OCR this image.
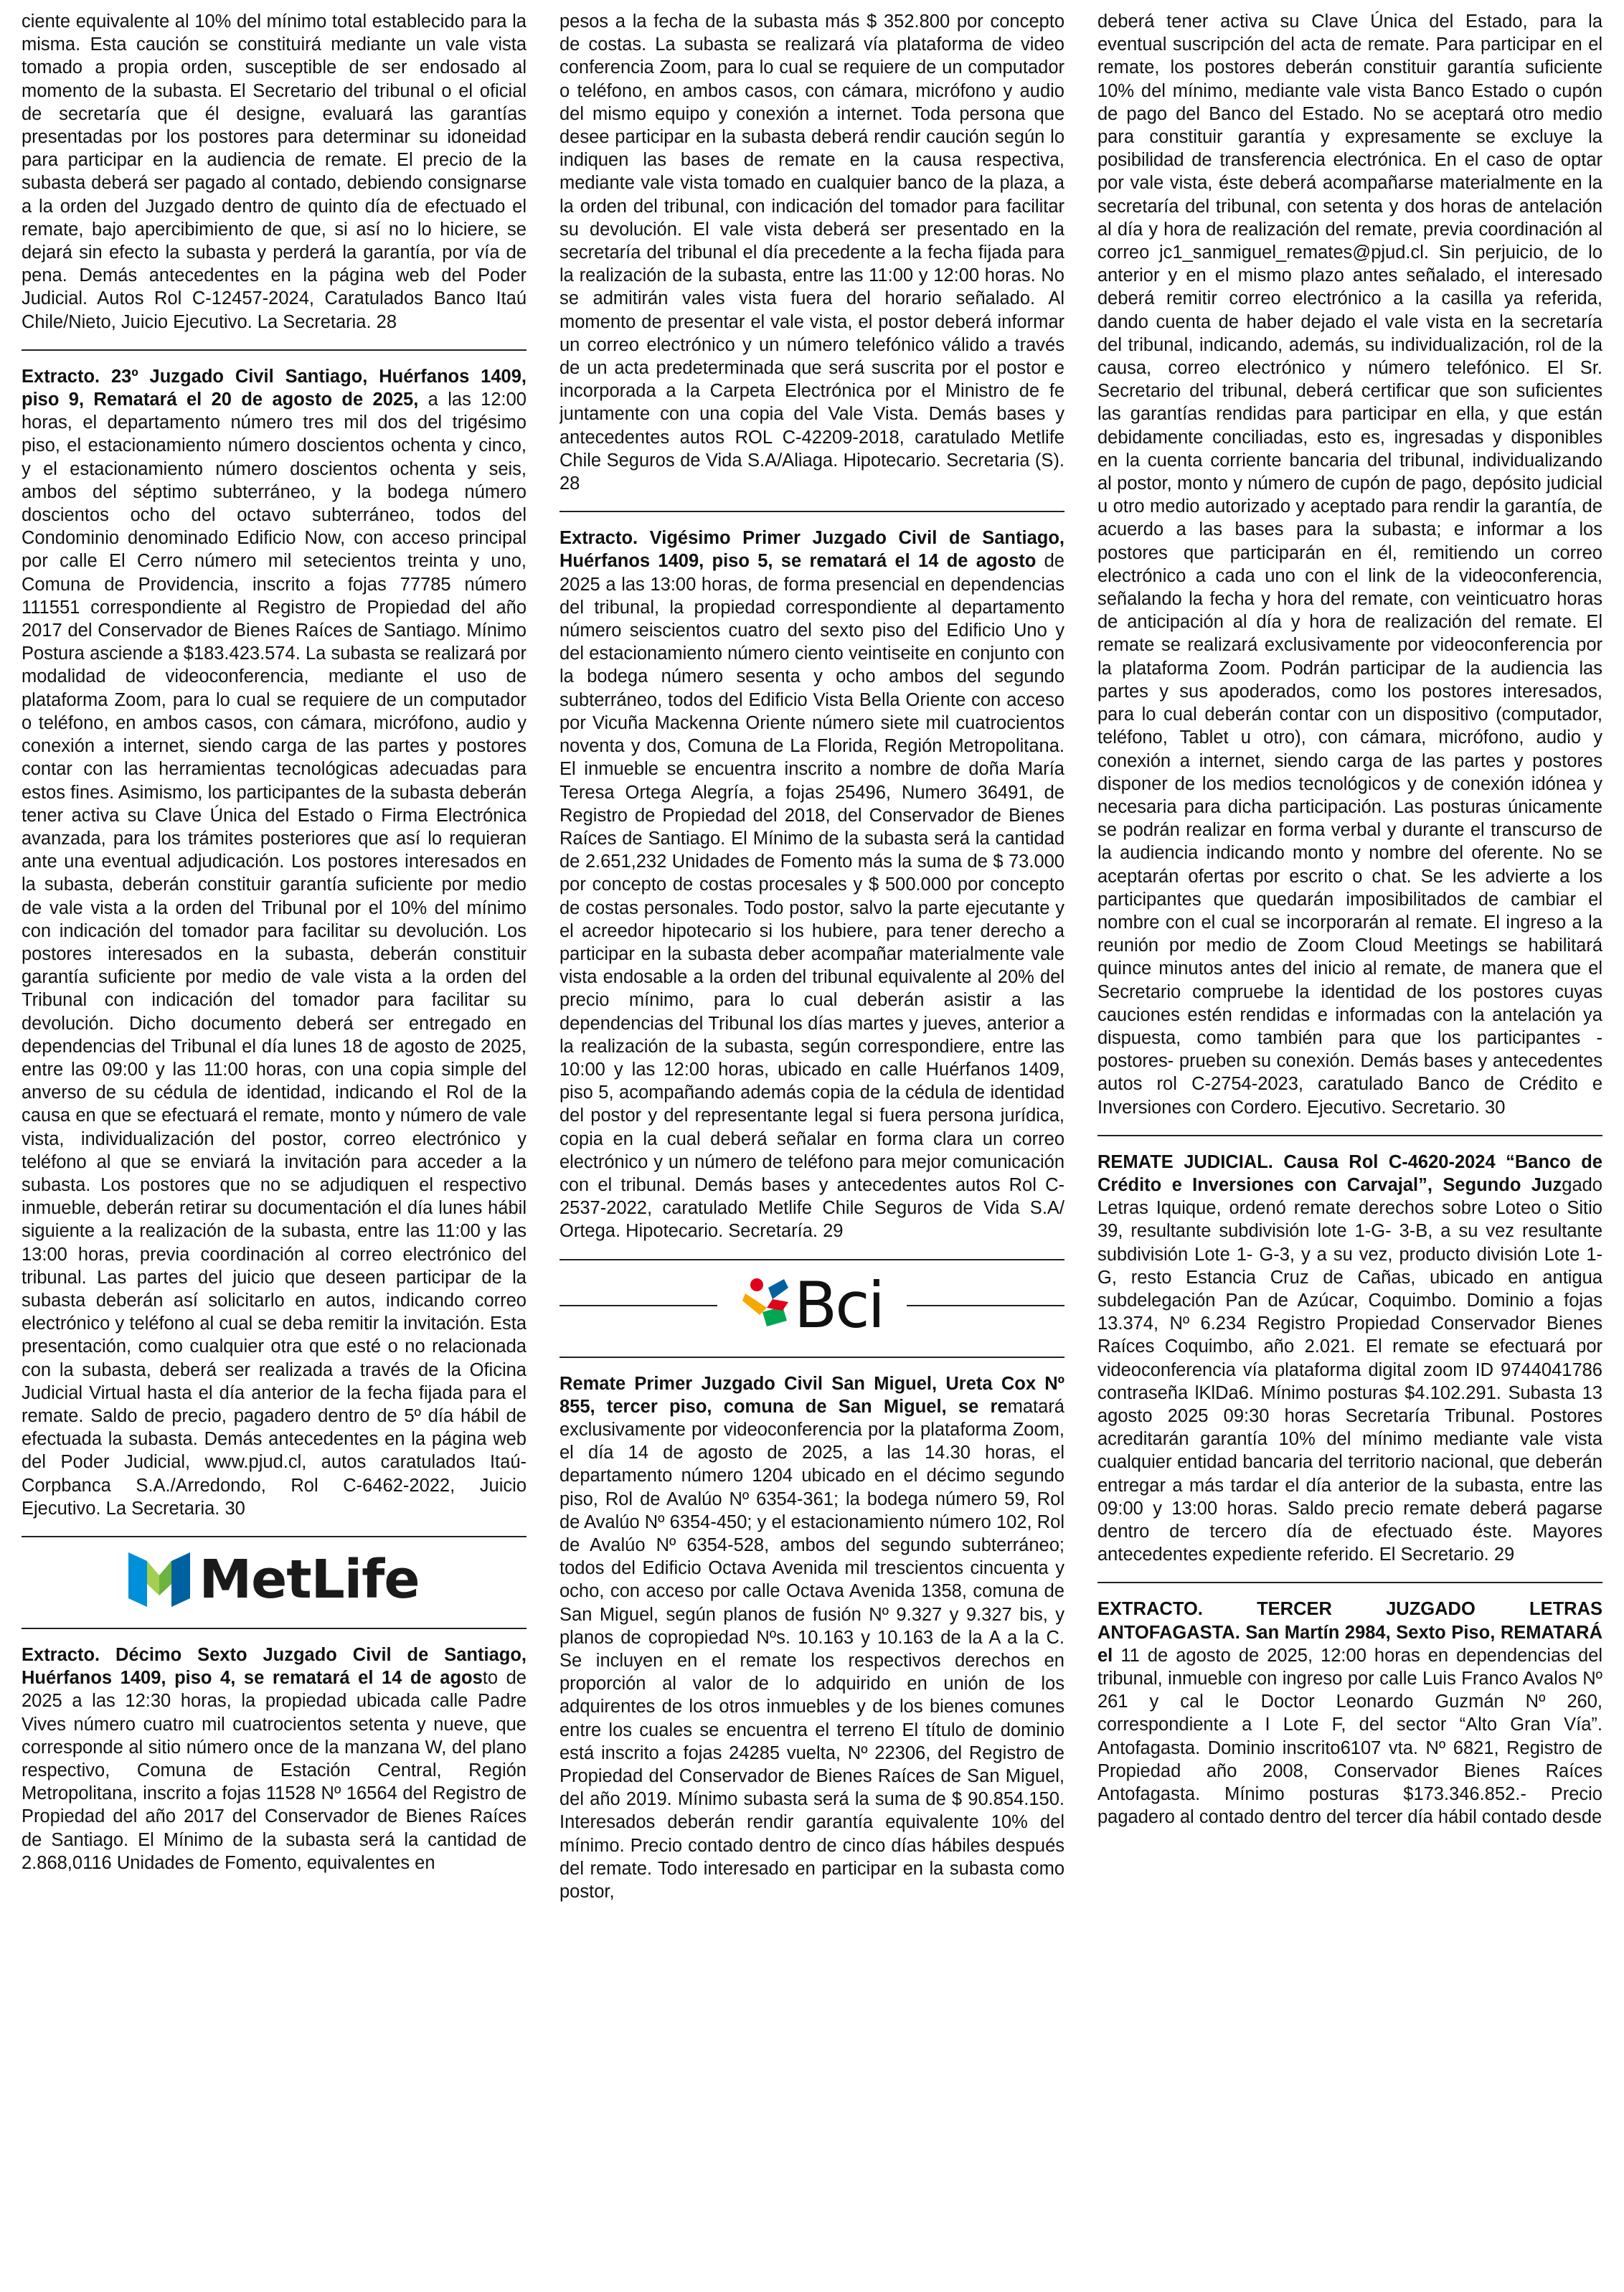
ciente equivalente al 10% del mínimo total establecido para la misma. Esta caución se constituirá mediante un vale vista tomado a propia orden, susceptible de ser endosado al momento de la subasta. El Secretario del tribunal o el oficial de secretaría que él designe, evaluará las garantías presentadas por los postores para determinar su idoneidad para participar en la audiencia de remate. El precio de la subasta deberá ser pagado al contado, debiendo consignarse a la orden del Juzgado dentro de quinto día de efectuado el remate, bajo apercibimiento de que, si así no lo hiciere, se dejará sin efecto la subasta y perderá la garantía, por vía de pena. Demás antecedentes en la página web del Poder Judicial. Autos Rol C-12457-2024, Caratulados Banco Itaú Chile/Nieto, Juicio Ejecutivo. La Secretaria. 28

Extracto. 23º Juzgado Civil Santiago, Huérfanos 1409, piso 9, Rematará el 20 de agosto de 2025, a las 12:00 horas, el departamento número tres mil dos del trigésimo piso, el estacionamiento número doscientos ochenta y cinco, y el estacionamiento número doscientos ochenta y seis, ambos del séptimo subterráneo, y la bodega número doscientos ocho del octavo subterráneo, todos del Condominio denominado Edificio Now, con acceso principal por calle El Cerro número mil setecientos treinta y uno, Comuna de Providencia, inscrito a fojas 77785 número 111551 correspondiente al Registro de Propiedad del año 2017 del Conservador de Bienes Raíces de Santiago. Mínimo Postura asciende a $183.423.574. La subasta se realizará por modalidad de videoconferencia, mediante el uso de plataforma Zoom, para lo cual se requiere de un computador o teléfono, en ambos casos, con cámara, micrófono, audio y conexión a internet, siendo carga de las partes y postores contar con las herramientas tecnológicas adecuadas para estos fines. Asimismo, los participantes de la subasta deberán tener activa su Clave Única del Estado o Firma Electrónica avanzada, para los trámites posteriores que así lo requieran ante una eventual adjudicación. Los postores interesados en la subasta, deberán constituir garantía suficiente por medio de vale vista a la orden del Tribunal por el 10% del mínimo con indicación del tomador para facilitar su devolución. Los postores interesados en la subasta, deberán constituir garantía suficiente por medio de vale vista a la orden del Tribunal con indicación del tomador para facilitar su devolución. Dicho documento deberá ser entregado en dependencias del Tribunal el día lunes 18 de agosto de 2025, entre las 09:00 y las 11:00 horas, con una copia simple del anverso de su cédula de identidad, indicando el Rol de la causa en que se efectuará el remate, monto y número de vale vista, individualización del postor, correo electrónico y teléfono al que se enviará la invitación para acceder a la subasta. Los postores que no se adjudiquen el respectivo inmueble, deberán retirar su documentación el día lunes hábil siguiente a la realización de la subasta, entre las 11:00 y las 13:00 horas, previa coordinación al correo electrónico del tribunal. Las partes del juicio que deseen participar de la subasta deberán así solicitarlo en autos, indicando correo electrónico y teléfono al cual se deba remitir la invitación. Esta presentación, como cualquier otra que esté o no relacionada con la subasta, deberá ser realizada a través de la Oficina Judicial Virtual hasta el día anterior de la fecha fijada para el remate. Saldo de precio, pagadero dentro de 5º día hábil de efectuada la subasta. Demás antecedentes en la página web del Poder Judicial, www.pjud.cl, autos caratulados Itaú-Corpbanca S.A./Arredondo, Rol C-6462-2022, Juicio Ejecutivo. La Secretaria. 30

MetLife

Extracto. Décimo Sexto Juzgado Civil de Santiago, Huérfanos 1409, piso 4, se rematará el 14 de agosto de 2025 a las 12:30 horas, la propiedad ubicada calle Padre Vives número cuatro mil cuatrocientos setenta y nueve, que corresponde al sitio número once de la manzana W, del plano respectivo, Comuna de Estación Central, Región Metropolitana, inscrito a fojas 11528 Nº 16564 del Registro de Propiedad del año 2017 del Conservador de Bienes Raíces de Santiago. El Mínimo de la subasta será la cantidad de 2.868,0116 Unidades de Fomento, equivalentes en

pesos a la fecha de la subasta más $ 352.800 por concepto de costas. La subasta se realizará vía plataforma de video conferencia Zoom, para lo cual se requiere de un computador o teléfono, en ambos casos, con cámara, micrófono y audio del mismo equipo y conexión a internet. Toda persona que desee participar en la subasta deberá rendir caución según lo indiquen las bases de remate en la causa respectiva, mediante vale vista tomado en cualquier banco de la plaza, a la orden del tribunal, con indicación del tomador para facilitar su devolución. El vale vista deberá ser presentado en la secretaría del tribunal el día precedente a la fecha fijada para la realización de la subasta, entre las 11:00 y 12:00 horas. No se admitirán vales vista fuera del horario señalado. Al momento de presentar el vale vista, el postor deberá informar un correo electrónico y un número telefónico válido a través de un acta predeterminada que será suscrita por el postor e incorporada a la Carpeta Electrónica por el Ministro de fe juntamente con una copia del Vale Vista. Demás bases y antecedentes autos ROL C-42209-2018, caratulado Metlife Chile Seguros de Vida S.A/Aliaga. Hipotecario. Secretaria (S). 28

Extracto. Vigésimo Primer Juzgado Civil de Santiago, Huérfanos 1409, piso 5, se rematará el 14 de agosto de 2025 a las 13:00 horas, de forma presencial en dependencias del tribunal, la propiedad correspondiente al departamento número seiscientos cuatro del sexto piso del Edificio Uno y del estacionamiento número ciento veintiseite en conjunto con la bodega número sesenta y ocho ambos del segundo subterráneo, todos del Edificio Vista Bella Oriente con acceso por Vicuña Mackenna Oriente número siete mil cuatrocientos noventa y dos, Comuna de La Florida, Región Metropolitana. El inmueble se encuentra inscrito a nombre de doña María Teresa Ortega Alegría, a fojas 25496, Numero 36491, de Registro de Propiedad del 2018, del Conservador de Bienes Raíces de Santiago. El Mínimo de la subasta será la cantidad de 2.651,232 Unidades de Fomento más la suma de $ 73.000 por concepto de costas procesales y $ 500.000 por concepto de costas personales. Todo postor, salvo la parte ejecutante y el acreedor hipotecario si los hubiere, para tener derecho a participar en la subasta deber acompañar materialmente vale vista endosable a la orden del tribunal equivalente al 20% del precio mínimo, para lo cual deberán asistir a las dependencias del Tribunal los días martes y jueves, anterior a la realización de la subasta, según correspondiere, entre las 10:00 y las 12:00 horas, ubicado en calle Huérfanos 1409, piso 5, acompañando además copia de la cédula de identidad del postor y del representante legal si fuera persona jurídica, copia en la cual deberá señalar en forma clara un correo electrónico y un número de teléfono para mejor comunicación con el tribunal. Demás bases y antecedentes autos Rol C-2537-2022, caratulado Metlife Chile Seguros de Vida S.A/ Ortega. Hipotecario. Secretaría. 29

Bci

Remate Primer Juzgado Civil San Miguel, Ureta Cox Nº 855, tercer piso, comuna de San Miguel, se rematará exclusivamente por videoconferencia por la plataforma Zoom, el día 14 de agosto de 2025, a las 14.30 horas, el departamento número 1204 ubicado en el décimo segundo piso, Rol de Avalúo Nº 6354-361; la bodega número 59, Rol de Avalúo Nº 6354-450; y el estacionamiento número 102, Rol de Avalúo Nº 6354-528, ambos del segundo subterráneo; todos del Edificio Octava Avenida mil trescientos cincuenta y ocho, con acceso por calle Octava Avenida 1358, comuna de San Miguel, según planos de fusión Nº 9.327 y 9.327 bis, y planos de copropiedad Nºs. 10.163 y 10.163 de la A a la C. Se incluyen en el remate los respectivos derechos en proporción al valor de lo adquirido en unión de los adquirentes de los otros inmuebles y de los bienes comunes entre los cuales se encuentra el terreno El título de dominio está inscrito a fojas 24285 vuelta, Nº 22306, del Registro de Propiedad del Conservador de Bienes Raíces de San Miguel, del año 2019. Mínimo subasta será la suma de $ 90.854.150. Interesados deberán rendir garantía equivalente 10% del mínimo. Precio contado dentro de cinco días hábiles después del remate. Todo interesado en participar en la subasta como postor,

deberá tener activa su Clave Única del Estado, para la eventual suscripción del acta de remate. Para participar en el remate, los postores deberán constituir garantía suficiente 10% del mínimo, mediante vale vista Banco Estado o cupón de pago del Banco del Estado. No se aceptará otro medio para constituir garantía y expresamente se excluye la posibilidad de transferencia electrónica. En el caso de optar por vale vista, éste deberá acompañarse materialmente en la secretaría del tribunal, con setenta y dos horas de antelación al día y hora de realización del remate, previa coordinación al correo jc1_sanmiguel_remates@pjud.cl. Sin perjuicio, de lo anterior y en el mismo plazo antes señalado, el interesado deberá remitir correo electrónico a la casilla ya referida, dando cuenta de haber dejado el vale vista en la secretaría del tribunal, indicando, además, su individualización, rol de la causa, correo electrónico y número telefónico. El Sr. Secretario del tribunal, deberá certificar que son suficientes las garantías rendidas para participar en ella, y que están debidamente conciliadas, esto es, ingresadas y disponibles en la cuenta corriente bancaria del tribunal, individualizando al postor, monto y número de cupón de pago, depósito judicial u otro medio autorizado y aceptado para rendir la garantía, de acuerdo a las bases para la subasta; e informar a los postores que participarán en él, remitiendo un correo electrónico a cada uno con el link de la videoconferencia, señalando la fecha y hora del remate, con veinticuatro horas de anticipación al día y hora de realización del remate. El remate se realizará exclusivamente por videoconferencia por la plataforma Zoom. Podrán participar de la audiencia las partes y sus apoderados, como los postores interesados, para lo cual deberán contar con un dispositivo (computador, teléfono, Tablet u otro), con cámara, micrófono, audio y conexión a internet, siendo carga de las partes y postores disponer de los medios tecnológicos y de conexión idónea y necesaria para dicha participación. Las posturas únicamente se podrán realizar en forma verbal y durante el transcurso de la audiencia indicando monto y nombre del oferente. No se aceptarán ofertas por escrito o chat. Se les advierte a los participantes que quedarán imposibilitados de cambiar el nombre con el cual se incorporarán al remate. El ingreso a la reunión por medio de Zoom Cloud Meetings se habilitará quince minutos antes del inicio al remate, de manera que el Secretario compruebe la identidad de los postores cuyas cauciones estén rendidas e informadas con la antelación ya dispuesta, como también para que los participantes -postores- prueben su conexión. Demás bases y antecedentes autos rol C-2754-2023, caratulado Banco de Crédito e Inversiones con Cordero. Ejecutivo. Secretario. 30

REMATE JUDICIAL. Causa Rol C-4620-2024 “Banco de Crédito e Inversiones con Carvajal”, Segundo Juzgado Letras Iquique, ordenó remate derechos sobre Loteo o Sitio 39, resultante subdivisión lote 1-G- 3-B, a su vez resultante subdivisión Lote 1- G-3, y a su vez, producto división Lote 1-G, resto Estancia Cruz de Cañas, ubicado en antigua subdelegación Pan de Azúcar, Coquimbo. Dominio a fojas 13.374, Nº 6.234 Registro Propiedad Conservador Bienes Raíces Coquimbo, año 2.021. El remate se efectuará por videoconferencia vía plataforma digital zoom ID 9744041786 contraseña lKlDa6. Mínimo posturas $4.102.291. Subasta 13 agosto 2025 09:30 horas Secretaría Tribunal. Postores acreditarán garantía 10% del mínimo mediante vale vista cualquier entidad bancaria del territorio nacional, que deberán entregar a más tardar el día anterior de la subasta, entre las 09:00 y 13:00 horas. Saldo precio remate deberá pagarse dentro de tercero día de efectuado éste. Mayores antecedentes expediente referido. El Secretario. 29

EXTRACTO. TERCER JUZGADO LETRAS ANTOFAGASTA. San Martín 2984, Sexto Piso, REMATARÁ el 11 de agosto de 2025, 12:00 horas en dependencias del tribunal, inmueble con ingreso por calle Luis Franco Avalos Nº 261 y cal le Doctor Leonardo Guzmán Nº 260, correspondiente a I Lote F, del sector “Alto Gran Vía”. Antofagasta. Dominio inscrito6107 vta. Nº 6821, Registro de Propiedad año 2008, Conservador Bienes Raíces Antofagasta. Mínimo posturas $173.346.852.- Precio pagadero al contado dentro del tercer día hábil contado desde
